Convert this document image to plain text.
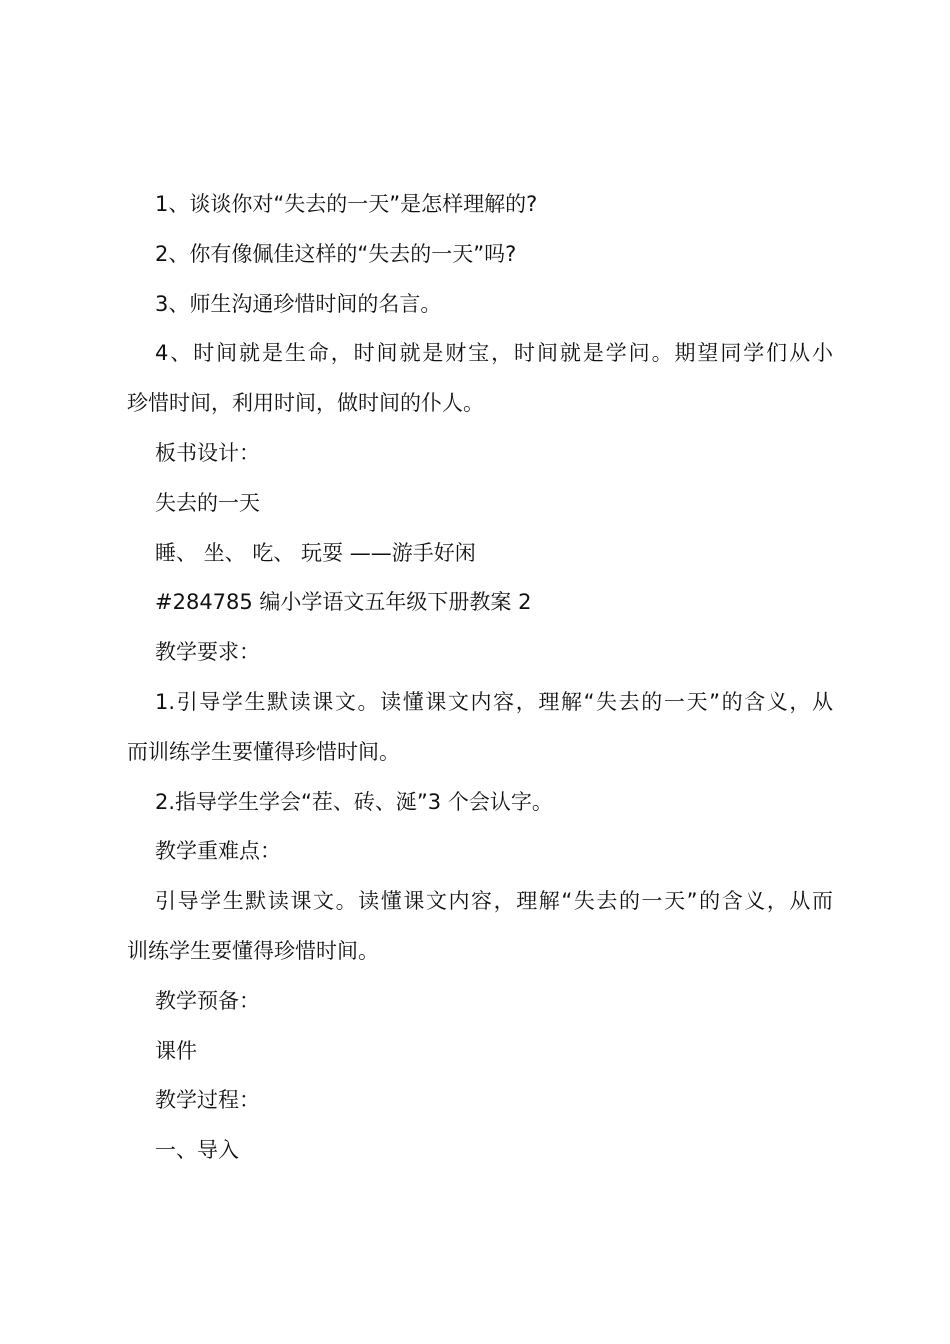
1、谈谈你对“失去的一天”是怎样理解的?

2、你有像佩佳这样的“失去的一天”吗?

3、师生沟通珍惜时间的名言。

4、时间就是生命，时间就是财宝，时间就是学问。期望同学们从小

珍惜时间，利用时间，做时间的仆人。

板书设计：

失去的一天

睡、 坐、 吃、 玩耍 ——游手好闲

#284785 编小学语文五年级下册教案 2

教学要求：

1.引导学生默读课文。读懂课文内容，理解“失去的一天”的含义，从

而训练学生要懂得珍惜时间。

2.指导学生学会“茬、砖、涎”3 个会认字。

教学重难点：

引导学生默读课文。读懂课文内容，理解“失去的一天”的含义，从而

训练学生要懂得珍惜时间。

教学预备：

课件

教学过程：

一、导入
